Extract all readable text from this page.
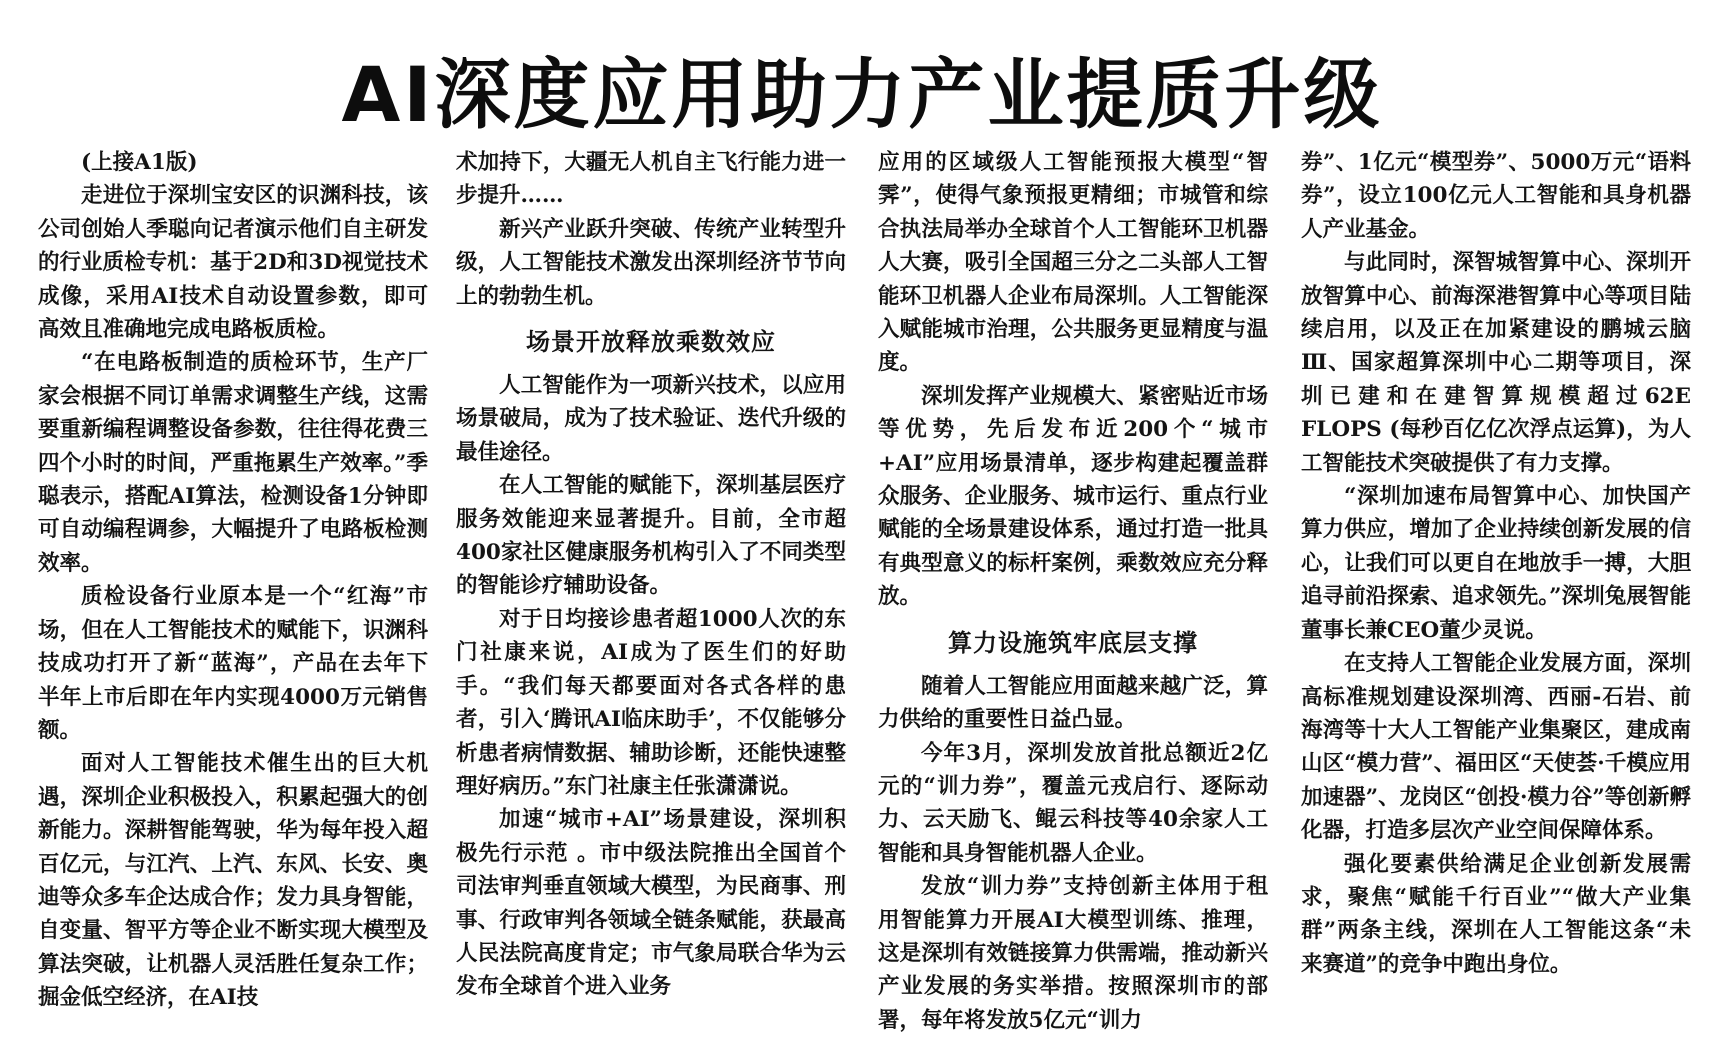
AI深度应用助力产业提质升级

(上接A1版)

走进位于深圳宝安区的识渊科技，该公司创始人季聪向记者演示他们自主研发的行业质检专机：基于2D和3D视觉技术成像，采用AI技术自动设置参数，即可高效且准确地完成电路板质检。

“在电路板制造的质检环节，生产厂家会根据不同订单需求调整生产线，这需要重新编程调整设备参数，往往得花费三四个小时的时间，严重拖累生产效率。”季聪表示，搭配AI算法，检测设备1分钟即可自动编程调参，大幅提升了电路板检测效率。

质检设备行业原本是一个“红海”市场，但在人工智能技术的赋能下，识渊科技成功打开了新“蓝海”，产品在去年下半年上市后即在年内实现4000万元销售额。

面对人工智能技术催生出的巨大机遇，深圳企业积极投入，积累起强大的创新能力。深耕智能驾驶，华为每年投入超百亿元，与江汽、上汽、东风、长安、奥迪等众多车企达成合作；发力具身智能，自变量、智平方等企业不断实现大模型及算法突破，让机器人灵活胜任复杂工作；掘金低空经济，在AI技

术加持下，大疆无人机自主飞行能力进一步提升……

新兴产业跃升突破、传统产业转型升级，人工智能技术激发出深圳经济节节向上的勃勃生机。

场景开放释放乘数效应

人工智能作为一项新兴技术，以应用场景破局，成为了技术验证、迭代升级的最佳途径。

在人工智能的赋能下，深圳基层医疗服务效能迎来显著提升。目前，全市超400家社区健康服务机构引入了不同类型的智能诊疗辅助设备。

对于日均接诊患者超1000人次的东门社康来说，AI成为了医生们的好助手。“我们每天都要面对各式各样的患者，引入‘腾讯AI临床助手’，不仅能够分析患者病情数据、辅助诊断，还能快速整理好病历。”东门社康主任张潇潇说。

加速“城市+AI”场景建设，深圳积极先行示范 。市中级法院推出全国首个司法审判垂直领域大模型，为民商事、刑事、行政审判各领域全链条赋能，获最高人民法院高度肯定；市气象局联合华为云发布全球首个进入业务

应用的区域级人工智能预报大模型“智霁”，使得气象预报更精细；市城管和综合执法局举办全球首个人工智能环卫机器人大赛，吸引全国超三分之二头部人工智能环卫机器人企业布局深圳。人工智能深入赋能城市治理，公共服务更显精度与温度。

深圳发挥产业规模大、紧密贴近市场等优势，先后发布近200个“城市+AI”应用场景清单，逐步构建起覆盖群众服务、企业服务、城市运行、重点行业赋能的全场景建设体系，通过打造一批具有典型意义的标杆案例，乘数效应充分释放。

算力设施筑牢底层支撑

随着人工智能应用面越来越广泛，算力供给的重要性日益凸显。

今年3月，深圳发放首批总额近2亿元的“训力券”，覆盖元戎启行、逐际动力、云天励飞、鲲云科技等40余家人工智能和具身智能机器人企业。

发放“训力券”支持创新主体用于租用智能算力开展AI大模型训练、推理，这是深圳有效链接算力供需端，推动新兴产业发展的务实举措。按照深圳市的部署，每年将发放5亿元“训力

券”、1亿元“模型券”、5000万元“语料券”，设立100亿元人工智能和具身机器人产业基金。

与此同时，深智城智算中心、深圳开放智算中心、前海深港智算中心等项目陆续启用，以及正在加紧建设的鹏城云脑Ⅲ、国家超算深圳中心二期等项目，深圳已建和在建智算规模超过62E FLOPS (每秒百亿亿次浮点运算)，为人工智能技术突破提供了有力支撑。

“深圳加速布局智算中心、加快国产算力供应，增加了企业持续创新发展的信心，让我们可以更自在地放手一搏，大胆追寻前沿探索、追求领先。”深圳兔展智能董事长兼CEO董少灵说。

在支持人工智能企业发展方面，深圳高标准规划建设深圳湾、西丽-石岩、前海湾等十大人工智能产业集聚区，建成南山区“模力营”、福田区“天使荟·千模应用加速器”、龙岗区“创投·模力谷”等创新孵化器，打造多层次产业空间保障体系。

强化要素供给满足企业创新发展需求，聚焦“赋能千行百业”“做大产业集群”两条主线，深圳在人工智能这条“未来赛道”的竞争中跑出身位。
